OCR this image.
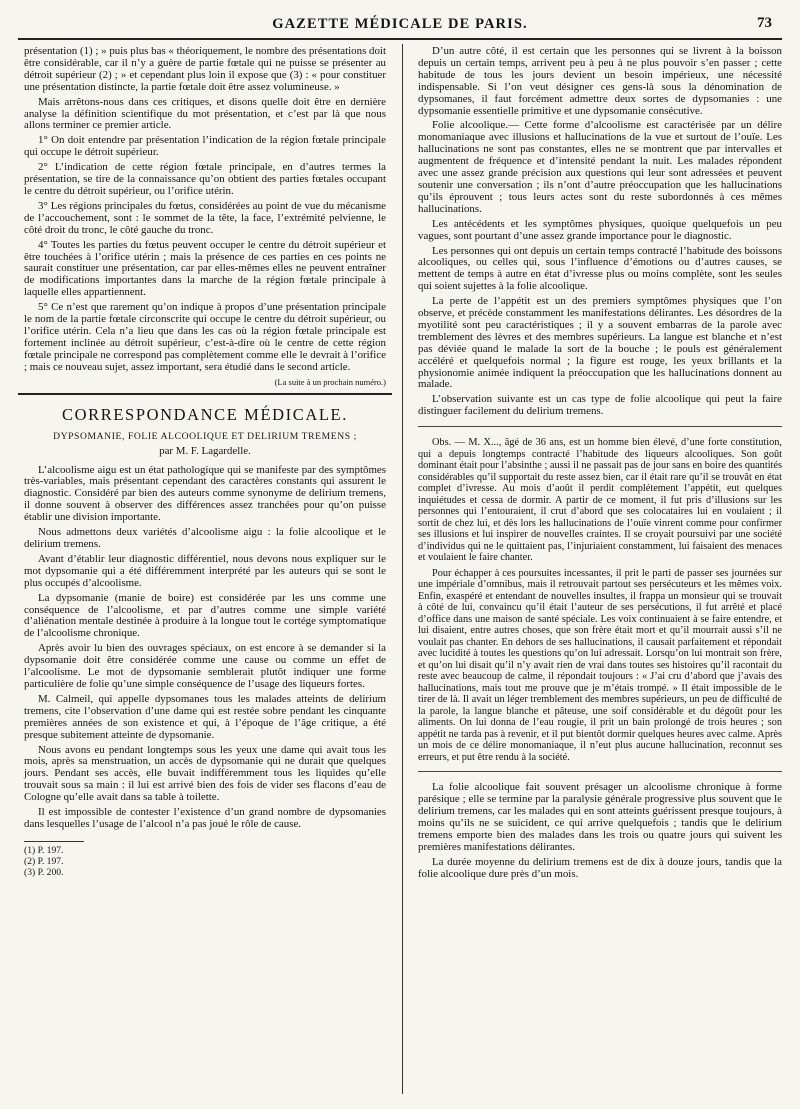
GAZETTE MÉDICALE DE PARIS.	73

présentation (1) ; » puis plus bas « théoriquement, le nombre des présentations doit être considérable, car il n’y a guère de partie fœtale qui ne puisse se présenter au détroit supérieur (2) ; » et cependant plus loin il expose que (3) : « pour constituer une présentation distincte, la partie fœtale doit être assez volumineuse. »

Mais arrêtons-nous dans ces critiques, et disons quelle doit être en dernière analyse la définition scientifique du mot présentation, et c’est par là que nous allons terminer ce premier article.

1° On doit entendre par présentation l’indication de la région fœtale principale qui occupe le détroit supérieur.

2° L’indication de cette région fœtale principale, en d’autres termes la présentation, se tire de la connaissance qu’on obtient des parties fœtales occupant le centre du détroit supérieur, ou l’orifice utérin.

3° Les régions principales du fœtus, considérées au point de vue du mécanisme de l’accouchement, sont : le sommet de la tête, la face, l’extrémité pelvienne, le côté droit du tronc, le côté gauche du tronc.

4° Toutes les parties du fœtus peuvent occuper le centre du détroit supérieur et être touchées à l’orifice utérin ; mais la présence de ces parties en ces points ne saurait constituer une présentation, car par elles-mêmes elles ne peuvent entraîner de modifications importantes dans la marche de la région fœtale principale à laquelle elles appartiennent.

5° Ce n’est que rarement qu’on indique à propos d’une présentation principale le nom de la partie fœtale circonscrite qui occupe le centre du détroit supérieur, ou l’orifice utérin. Cela n’a lieu que dans les cas où la région fœtale principale est fortement inclinée au détroit supérieur, c’est-à-dire où le centre de cette région fœtale principale ne correspond pas complètement comme elle le devrait à l’orifice ; mais ce nouveau sujet, assez important, sera étudié dans le second article.

(La suite à un prochain numéro.)
CORRESPONDANCE MÉDICALE.
DYPSOMANIE, FOLIE ALCOOLIQUE ET DELIRIUM TREMENS ;
par M. F. Lagardelle.

L’alcoolisme aigu est un état pathologique qui se manifeste par des symptômes très-variables, mais présentant cependant des caractères constants qui assurent le diagnostic. Considéré par bien des auteurs comme synonyme de delirium tremens, il donne souvent à observer des différences assez tranchées pour qu’on puisse établir une division importante.

Nous admettons deux variétés d’alcoolisme aigu : la folie alcoolique et le delirium tremens.

Avant d’établir leur diagnostic différentiel, nous devons nous expliquer sur le mot dypsomanie qui a été différemment interprété par les auteurs qui se sont le plus occupés d’alcoolisme.

La dypsomanie (manie de boire) est considérée par les uns comme une conséquence de l’alcoolisme, et par d’autres comme une simple variété d’aliénation mentale destinée à produire à la longue tout le cortége symptomatique de l’alcoolisme chronique.

Après avoir lu bien des ouvrages spéciaux, on est encore à se demander si la dypsomanie doit être considérée comme une cause ou comme un effet de l’alcoolisme. Le mot de dypsomanie semblerait plutôt indiquer une forme particulière de folie qu’une simple conséquence de l’usage des liqueurs fortes.

M. Calmeil, qui appelle dypsomanes tous les malades atteints de delirium tremens, cite l’observation d’une dame qui est restée sobre pendant les cinquante premières années de son existence et qui, à l’époque de l’âge critique, a été presque subitement atteinte de dypsomanie.

Nous avons eu pendant longtemps sous les yeux une dame qui avait tous les mois, après sa menstruation, un accès de dypsomanie qui ne durait que quelques jours. Pendant ses accès, elle buvait indifféremment tous les liquides qu’elle trouvait sous sa main : il lui est arrivé bien des fois de vider ses flacons d’eau de Cologne qu’elle avait dans sa table à toilette.

Il est impossible de contester l’existence d’un grand nombre de dypsomanies dans lesquelles l’usage de l’alcool n’a pas joué le rôle de cause.

(1) P. 197.
(2) P. 197.
(3) P. 200.

D’un autre côté, il est certain que les personnes qui se livrent à la boisson depuis un certain temps, arrivent peu à peu à ne plus pouvoir s’en passer ; cette habitude de tous les jours devient un besoin impérieux, une nécessité indispensable. Si l’on veut désigner ces gens-là sous la dénomination de dypsomanes, il faut forcément admettre deux sortes de dypsomanies : une dypsomanie essentielle primitive et une dypsomanie consécutive.

Folie alcoolique.— Cette forme d’alcoolisme est caractérisée par un délire monomaniaque avec illusions et hallucinations de la vue et surtout de l’ouïe. Les hallucinations ne sont pas constantes, elles ne se montrent que par intervalles et augmentent de fréquence et d’intensité pendant la nuit. Les malades répondent avec une assez grande précision aux questions qui leur sont adressées et peuvent soutenir une conversation ; ils n’ont d’autre préoccupation que les hallucinations qu’ils éprouvent ; tous leurs actes sont du reste subordonnés à ces mêmes hallucinations.

Les antécédents et les symptômes physiques, quoique quelquefois un peu vagues, sont pourtant d’une assez grande importance pour le diagnostic.

Les personnes qui ont depuis un certain temps contracté l’habitude des boissons alcooliques, ou celles qui, sous l’influence d’émotions ou d’autres causes, se mettent de temps à autre en état d’ivresse plus ou moins complète, sont les seules qui soient sujettes à la folie alcoolique.

La perte de l’appétit est un des premiers symptômes physiques que l’on observe, et précède constamment les manifestations délirantes. Les désordres de la myotilité sont peu caractéristiques ; il y a souvent embarras de la parole avec tremblement des lèvres et des membres supérieurs. La langue est blanche et n’est pas déviée quand le malade la sort de la bouche ; le pouls est généralement accéléré et quelquefois normal ; la figure est rouge, les yeux brillants et la physionomie animée indiquent la préoccupation que les hallucinations donnent au malade.

L’observation suivante est un cas type de folie alcoolique qui peut la faire distinguer facilement du delirium tremens.

Obs. — M. X..., âgé de 36 ans, est un homme bien élevé, d’une forte constitution, qui a depuis longtemps contracté l’habitude des liqueurs alcooliques. Son goût dominant était pour l’absinthe ; aussi il ne passait pas de jour sans en boire des quantités considérables qu’il supportait du reste assez bien, car il était rare qu’il se trouvât en état complet d’ivresse. Au mois d’août il perdit complétement l’appétit, eut quelques inquiétudes et cessa de dormir. A partir de ce moment, il fut pris d’illusions sur les personnes qui l’entouraient, il crut d’abord que ses colocataires lui en voulaient ; il sortit de chez lui, et dès lors les hallucinations de l’ouïe vinrent comme pour confirmer ses illusions et lui inspirer de nouvelles craintes. Il se croyait poursuivi par une société d’individus qui ne le quittaient pas, l’injuriaient constamment, lui faisaient des menaces et voulaient le faire chanter.

Pour échapper à ces poursuites incessantes, il prit le parti de passer ses journées sur une impériale d’omnibus, mais il retrouvait partout ses persécuteurs et les mêmes voix. Enfin, exaspéré et entendant de nouvelles insultes, il frappa un monsieur qui se trouvait à côté de lui, convaincu qu’il était l’auteur de ses persécutions, il fut arrêté et placé d’office dans une maison de santé spéciale. Les voix continuaient à se faire entendre, et lui disaient, entre autres choses, que son frère était mort et qu’il mourrait aussi s’il ne voulait pas chanter. En dehors de ses hallucinations, il causait parfaitement et répondait avec lucidité à toutes les questions qu’on lui adressait. Lorsqu’on lui montrait son frère, et qu’on lui disait qu’il n’y avait rien de vrai dans toutes ses histoires qu’il racontait du reste avec beaucoup de calme, il répondait toujours : « J’ai cru d’abord que j’avais des hallucinations, mais tout me prouve que je m’étais trompé. » Il était impossible de le tirer de là. Il avait un léger tremblement des membres supérieurs, un peu de difficulté de la parole, la langue blanche et pâteuse, une soif considérable et du dégoût pour les aliments. On lui donna de l’eau rougie, il prit un bain prolongé de trois heures ; son appétit ne tarda pas à revenir, et il put bientôt dormir quelques heures avec calme. Après un mois de ce délire monomaniaque, il n’eut plus aucune hallucination, reconnut ses erreurs, et put être rendu à la société.

La folie alcoolique fait souvent présager un alcoolisme chronique à forme parésique ; elle se termine par la paralysie générale progressive plus souvent que le delirium tremens, car les malades qui en sont atteints guérissent presque toujours, à moins qu’ils ne se suicident, ce qui arrive quelquefois ; tandis que le delirium tremens emporte bien des malades dans les trois ou quatre jours qui suivent les premières manifestations délirantes.

La durée moyenne du delirium tremens est de dix à douze jours, tandis que la folie alcoolique dure près d’un mois.
